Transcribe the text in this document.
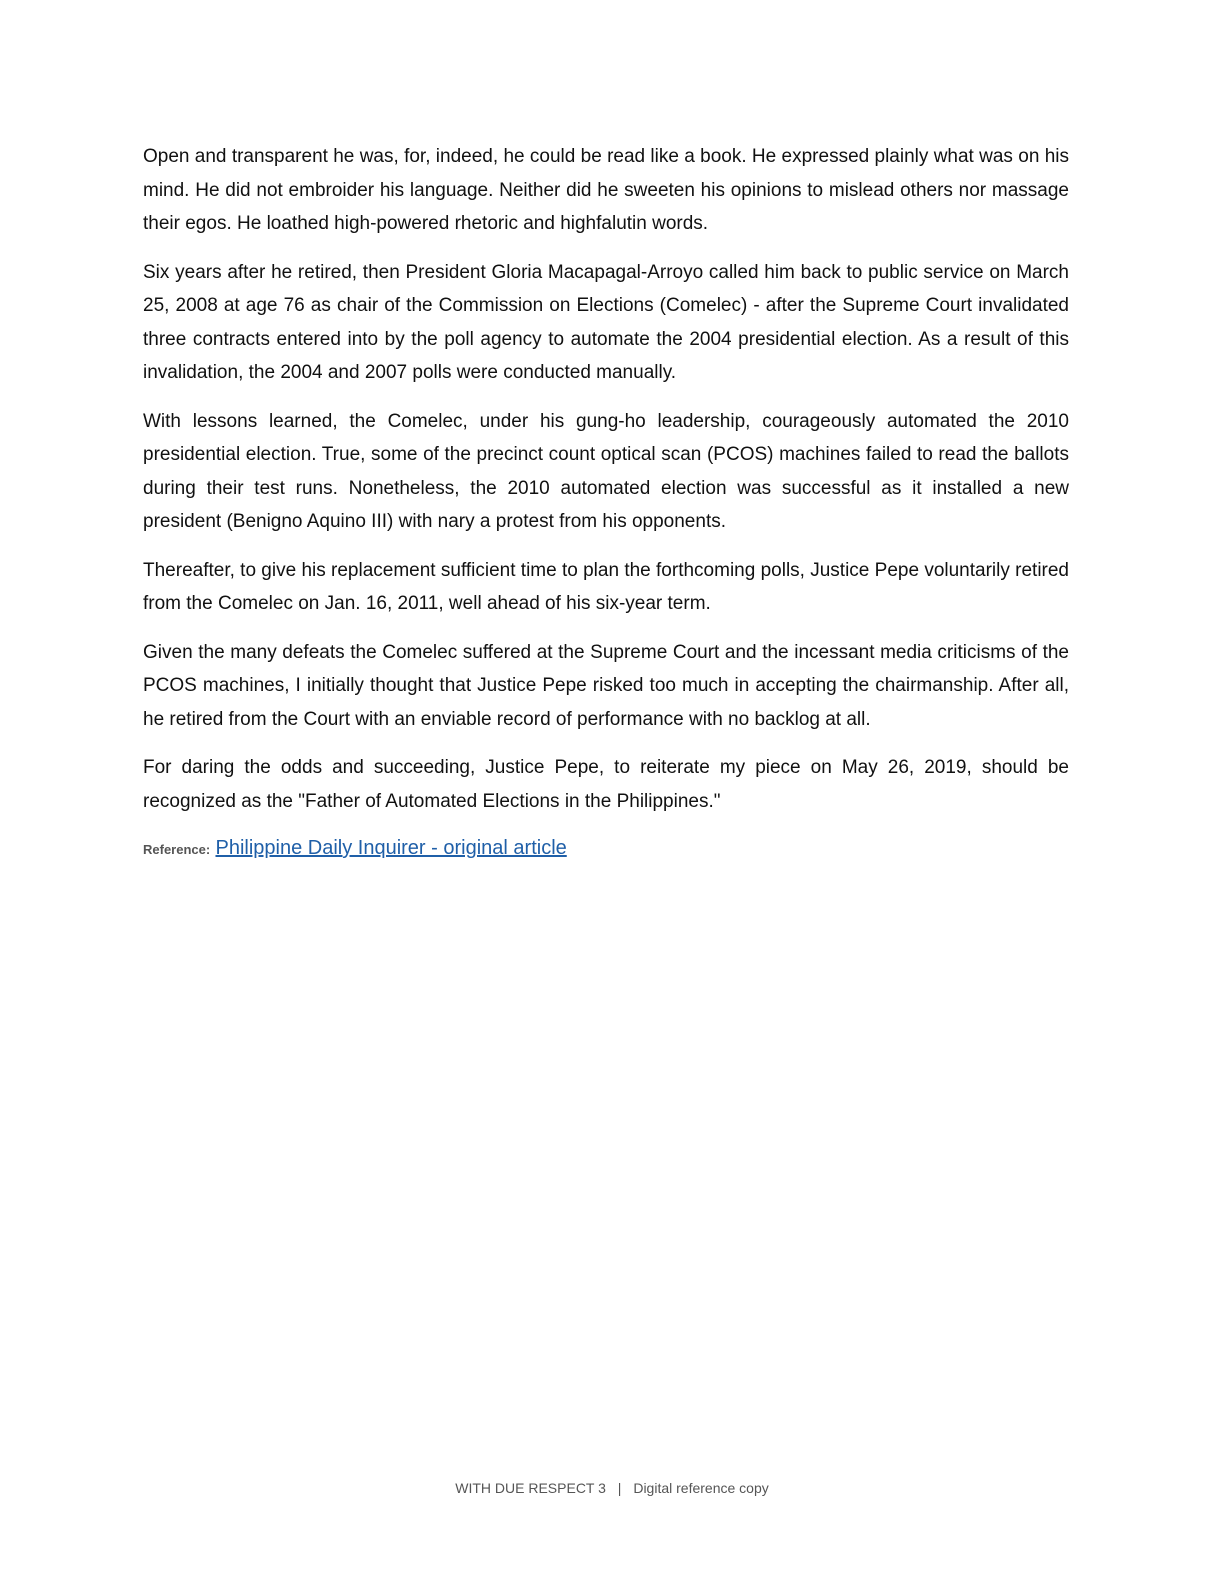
Open and transparent he was, for, indeed, he could be read like a book. He expressed plainly what was on his mind. He did not embroider his language. Neither did he sweeten his opinions to mislead others nor massage their egos. He loathed high-powered rhetoric and highfalutin words.

Six years after he retired, then President Gloria Macapagal-Arroyo called him back to public service on March 25, 2008 at age 76 as chair of the Commission on Elections (Comelec) - after the Supreme Court invalidated three contracts entered into by the poll agency to automate the 2004 presidential election. As a result of this invalidation, the 2004 and 2007 polls were conducted manually.

With lessons learned, the Comelec, under his gung-ho leadership, courageously automated the 2010 presidential election. True, some of the precinct count optical scan (PCOS) machines failed to read the ballots during their test runs. Nonetheless, the 2010 automated election was successful as it installed a new president (Benigno Aquino III) with nary a protest from his opponents.

Thereafter, to give his replacement sufficient time to plan the forthcoming polls, Justice Pepe voluntarily retired from the Comelec on Jan. 16, 2011, well ahead of his six-year term.

Given the many defeats the Comelec suffered at the Supreme Court and the incessant media criticisms of the PCOS machines, I initially thought that Justice Pepe risked too much in accepting the chairmanship. After all, he retired from the Court with an enviable record of performance with no backlog at all.

For daring the odds and succeeding, Justice Pepe, to reiterate my piece on May 26, 2019, should be recognized as the "Father of Automated Elections in the Philippines."

Reference: Philippine Daily Inquirer - original article
WITH DUE RESPECT 3 | Digital reference copy
